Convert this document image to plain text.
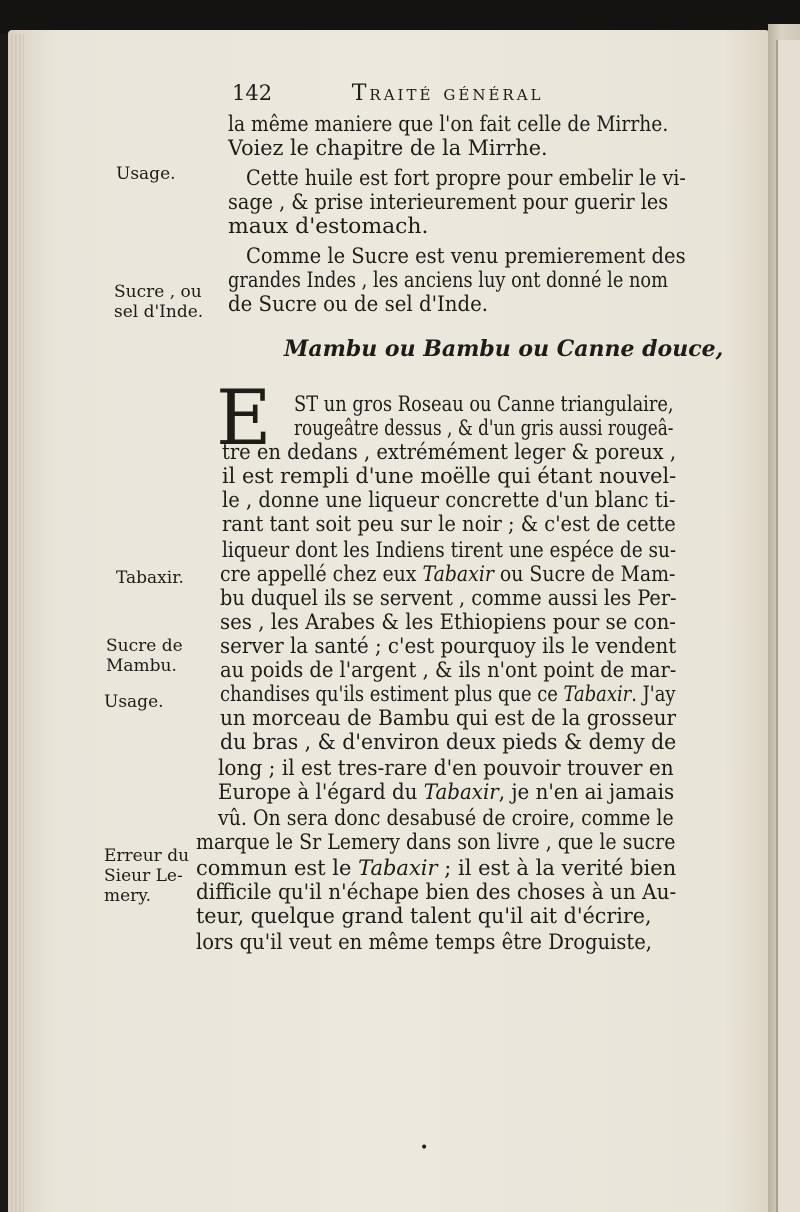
142	Traité général
la même maniere que l'on fait celle de Mirrhe.
Voiez le chapitre de la Mirrhe.
Cette huile est fort propre pour embelir le vi-
sage , & prise interieurement pour guerir les
maux d'estomach.
Comme le Sucre est venu premierement des
grandes Indes , les anciens luy ont donné le nom
de Sucre ou de sel d'Inde.
ST un gros Roseau ou Canne triangulaire,
rougeâtre dessus , & d'un gris aussi rougeâ-
tre en dedans , extrémément leger & poreux ,
il est rempli d'une moëlle qui étant nouvel-
le , donne une liqueur concrette d'un blanc ti-
rant tant soit peu sur le noir ; & c'est de cette
liqueur dont les Indiens tirent une espéce de su-
cre appellé chez eux Tabaxir ou Sucre de Mam-
bu duquel ils se servent , comme aussi les Per-
ses , les Arabes & les Ethiopiens pour se con-
server la santé ; c'est pourquoy ils le vendent
au poids de l'argent , & ils n'ont point de mar-
chandises qu'ils estiment plus que ce Tabaxir. J'ay
un morceau de Bambu qui est de la grosseur
du bras , & d'environ deux pieds & demy de
long ; il est tres-rare d'en pouvoir trouver en
Europe à l'égard du Tabaxir, je n'en ai jamais
vû. On sera donc desabusé de croire, comme le
marque le Sr Lemery dans son livre , que le sucre
commun est le Tabaxir ; il est à la verité bien
difficile qu'il n'échape bien des choses à un Au-
teur, quelque grand talent qu'il ait d'écrire,
lors qu'il veut en même temps être Droguiste,
Mambu ou Bambu ou Canne douce,
E
Usage.
Sucre , ou
sel d'Inde.
Tabaxir.
Sucre de
Mambu.
Usage.
Erreur du
Sieur Le-
mery.
•
